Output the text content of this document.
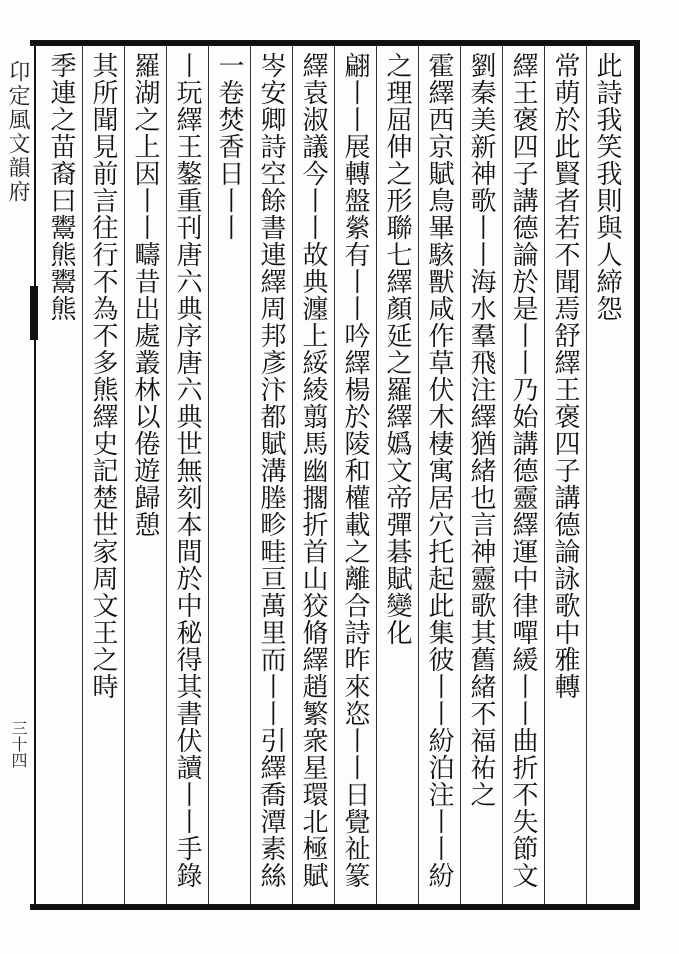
卬定風文韻府
三十四
此詩我笑我則與人締怨
常萌於此賢者若不聞焉舒繹王褒四子講德論詠歌中雅轉
繹王褒四子講德論於是丨丨乃始講德靈繹運中律嘽緩丨丨曲折不失節文
劉秦美新神歌丨丨海水羣飛注繹猶緒也言神靈歌其舊緒不福祐之
霍繹西京賦鳥畢駭獸咸作草伏木棲寓居穴托起此集彼丨丨紛泊注丨丨紛
之理屈伸之形聯七繹顏延之羅繹嬀文帝彈碁賦變化
翩丨丨展轉盤縈有丨丨吟繹楊於陵和權載之離合詩昨來恣丨丨日覺祉篆
繹袁淑議今丨丨故典瀍上綏綾翦馬幽擱折首山狡脩繹趙繁衆星環北極賦
岑安卿詩空餘書連繹周邦彥汴都賦溝塍畛畦亘萬里而丨丨引繹喬潭素絲
一卷焚香日丨丨
丨玩繹王鏊重刊唐六典序唐六典世無刻本間於中秘得其書伏讀丨丨手錄
羅湖之上因丨丨疇昔出處叢林以倦遊歸憩
其所聞見前言往行不為不多熊繹史記楚世家周文王之時
季連之苗裔曰鬻熊鬻熊
